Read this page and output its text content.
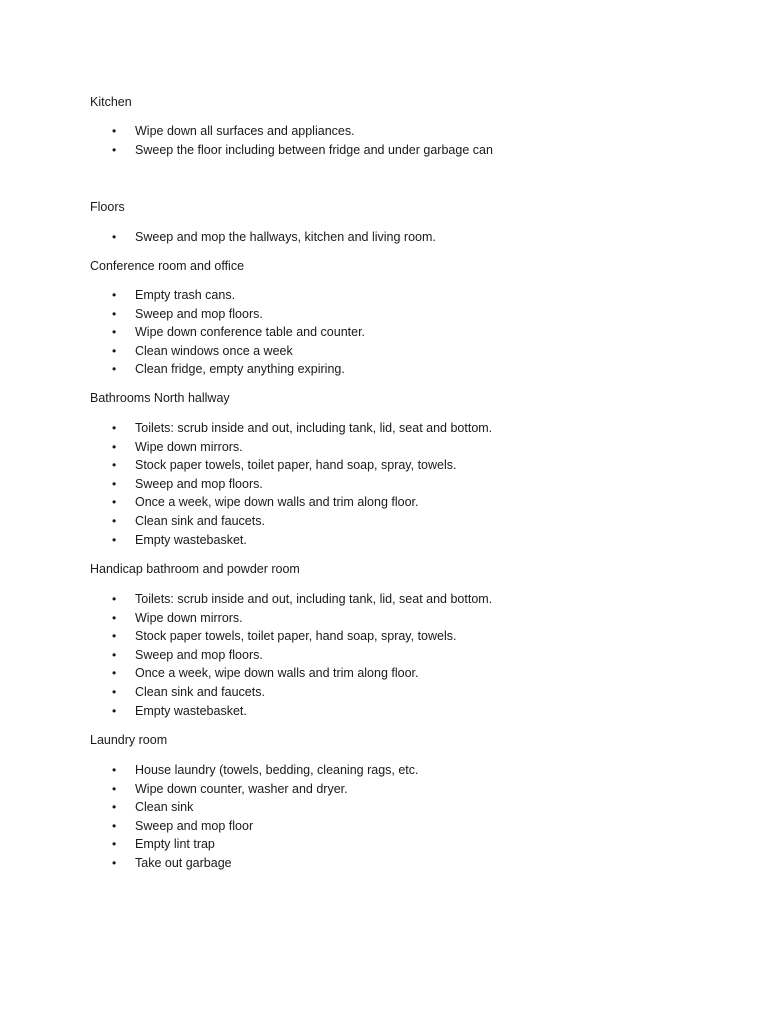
Kitchen

• Wipe down all surfaces and appliances.
• Sweep the floor including between fridge and under garbage can

Floors

• Sweep and mop the hallways, kitchen and living room.

Conference room and office

• Empty trash cans.
• Sweep and mop floors.
• Wipe down conference table and counter.
• Clean windows once a week
• Clean fridge, empty anything expiring.

Bathrooms North hallway

• Toilets: scrub inside and out, including tank, lid, seat and bottom.
• Wipe down mirrors.
• Stock paper towels, toilet paper, hand soap, spray, towels.
• Sweep and mop floors.
• Once a week, wipe down walls and trim along floor.
• Clean sink and faucets.
• Empty wastebasket.

Handicap bathroom and powder room

• Toilets: scrub inside and out, including tank, lid, seat and bottom.
• Wipe down mirrors.
• Stock paper towels, toilet paper, hand soap, spray, towels.
• Sweep and mop floors.
• Once a week, wipe down walls and trim along floor.
• Clean sink and faucets.
• Empty wastebasket.

Laundry room

• House laundry (towels, bedding, cleaning rags, etc.
• Wipe down counter, washer and dryer.
• Clean sink
• Sweep and mop floor
• Empty lint trap
• Take out garbage
